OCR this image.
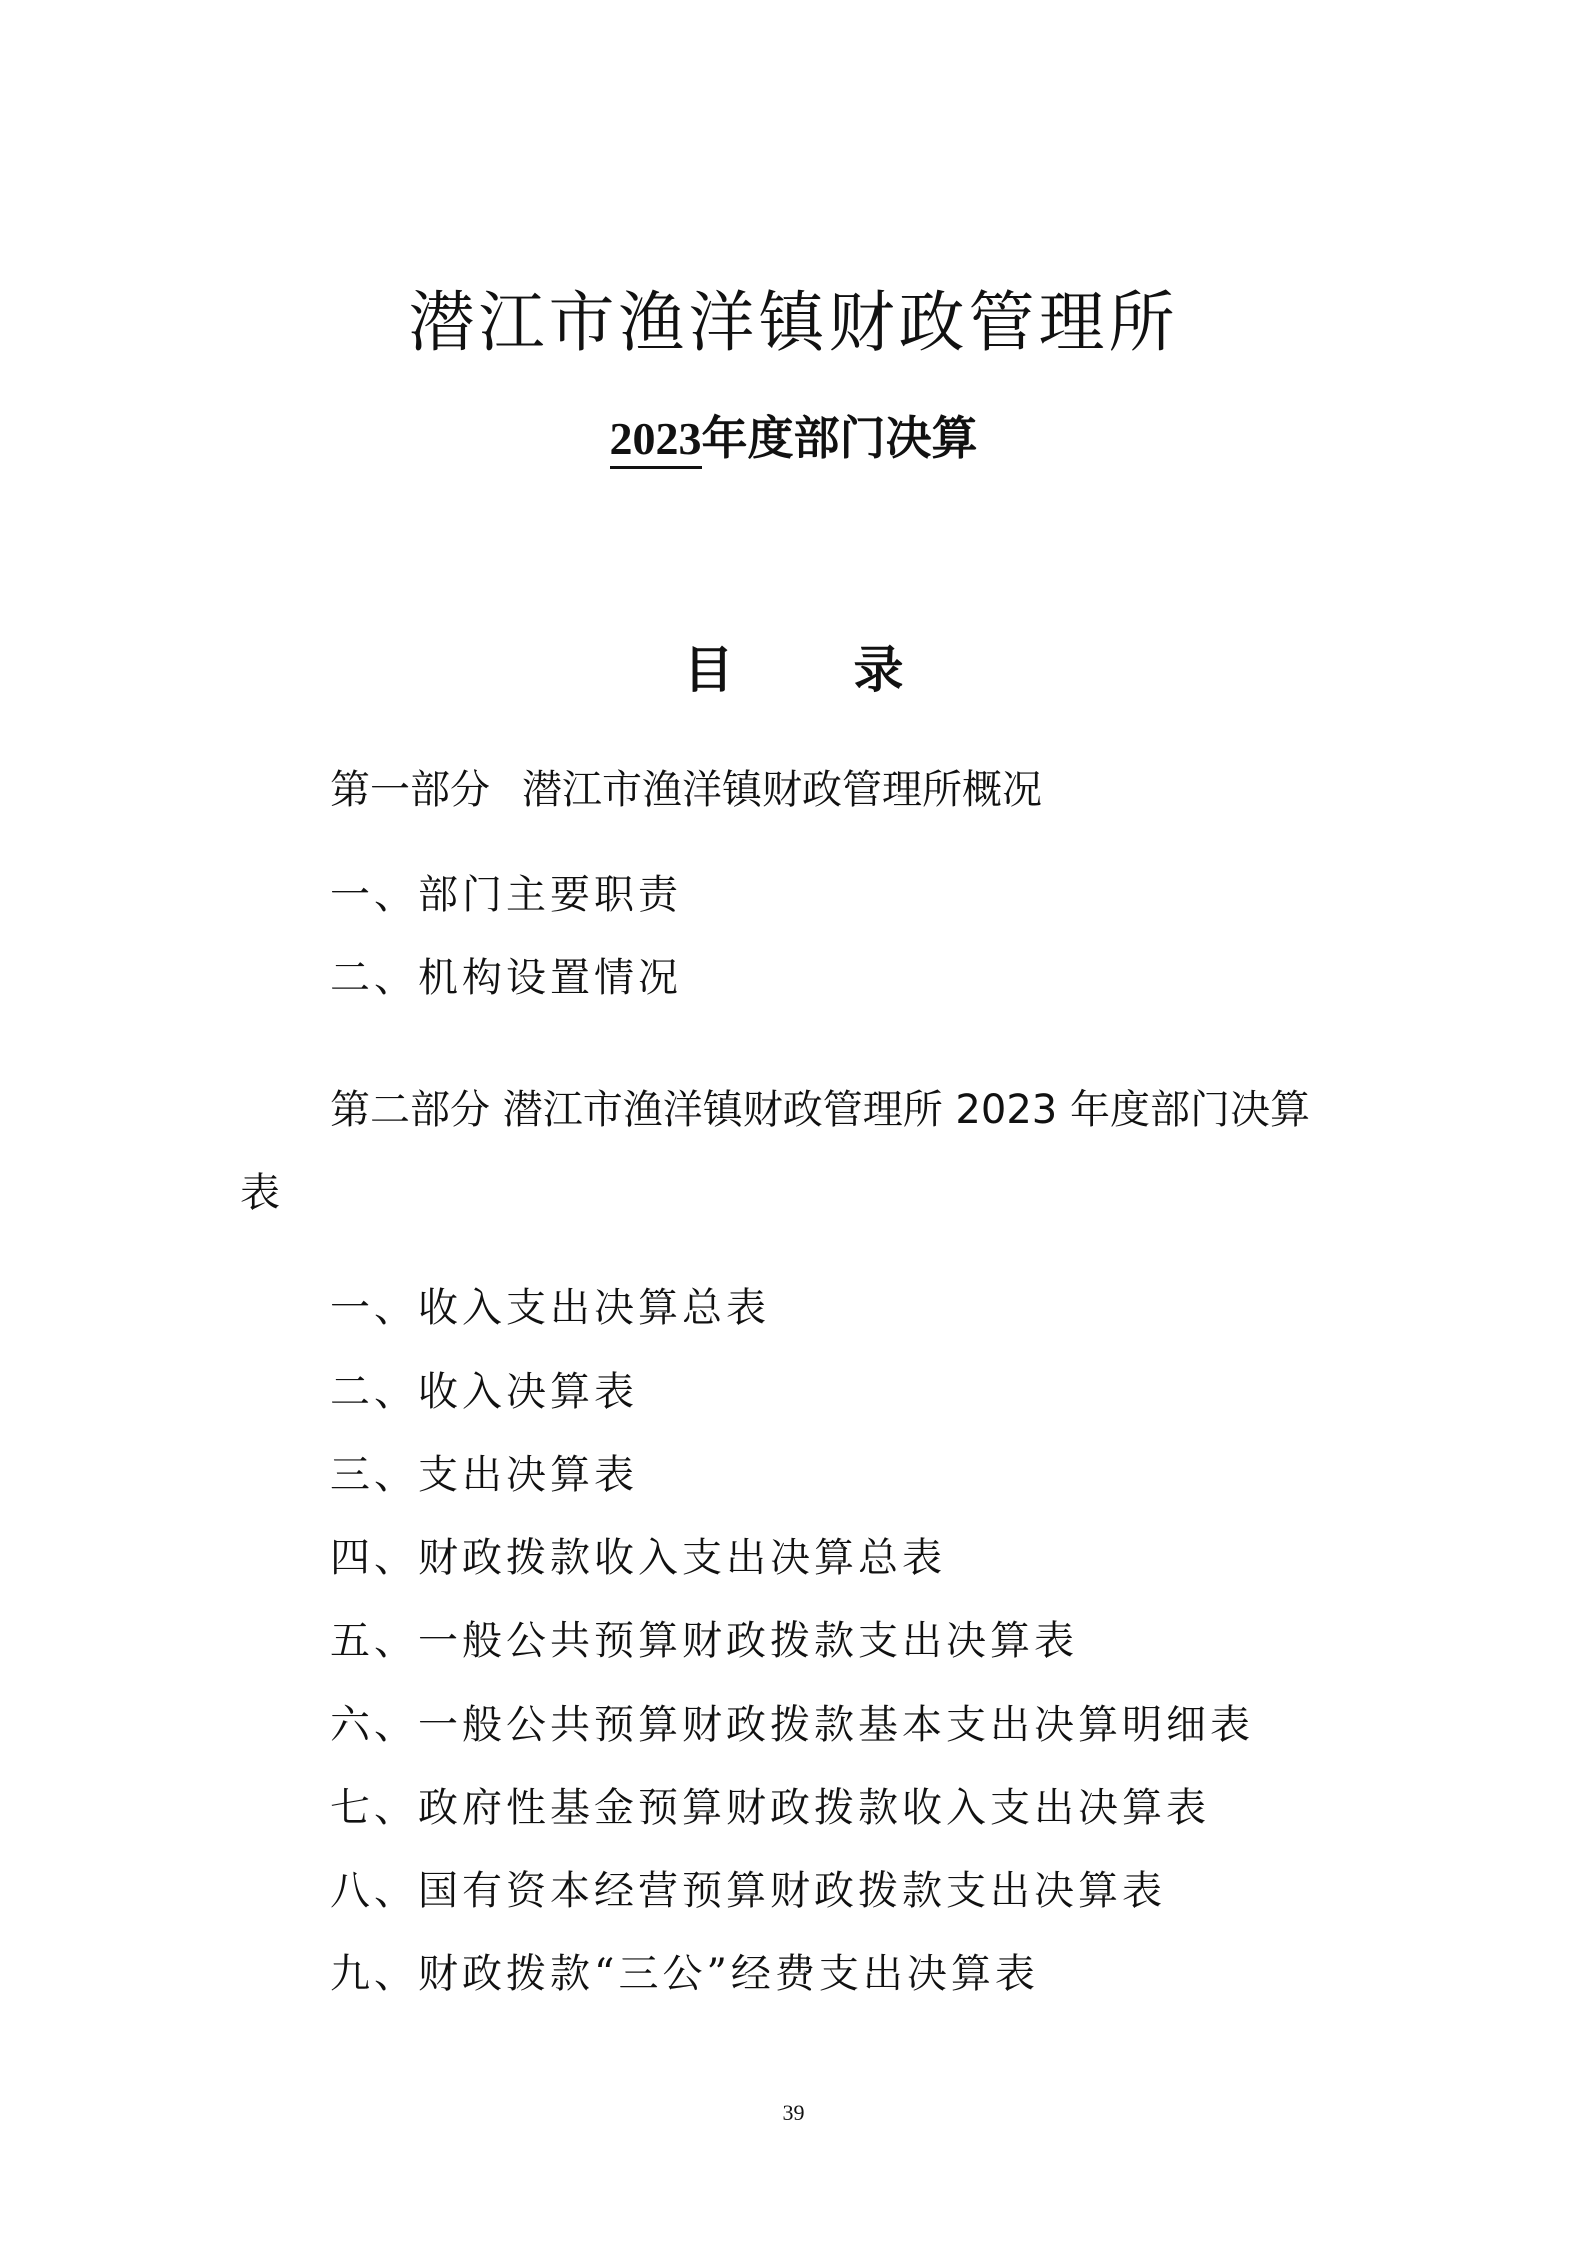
潜江市渔洋镇财政管理所
2023年度部门决算
目 录
第一部分 潜江市渔洋镇财政管理所概况
一、部门主要职责
二、机构设置情况
第二部分 潜江市渔洋镇财政管理所 2023 年度部门决算
表
一、收入支出决算总表
二、收入决算表
三、支出决算表
四、财政拨款收入支出决算总表
五、一般公共预算财政拨款支出决算表
六、一般公共预算财政拨款基本支出决算明细表
七、政府性基金预算财政拨款收入支出决算表
八、国有资本经营预算财政拨款支出决算表
九、财政拨款“三公”经费支出决算表
39
